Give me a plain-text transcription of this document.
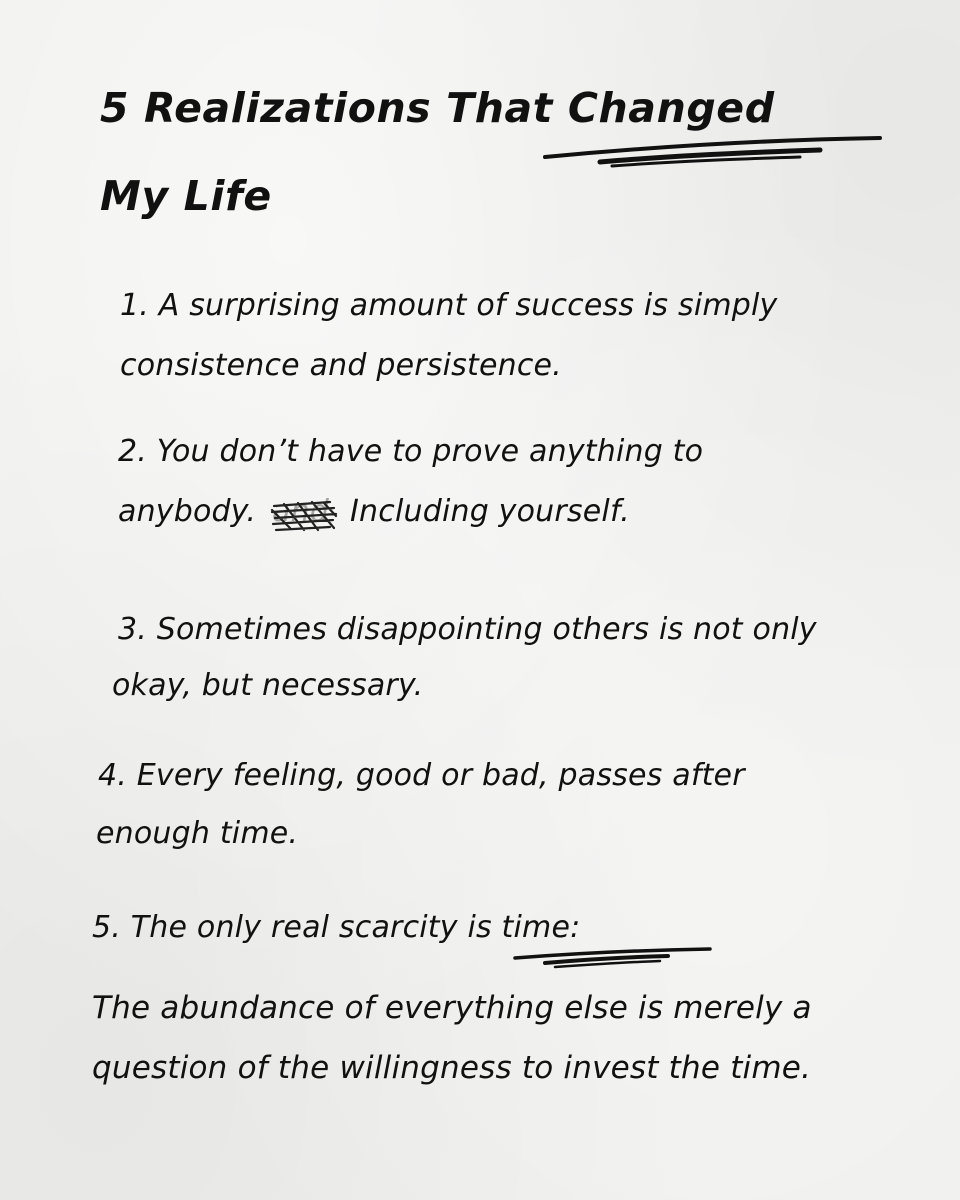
5 Realizations That Changed

My Life

1. A surprising amount of success is simply

consistence and persistence.

2. You don’t have to prove anything to

anybody. and Including yourself.

3. Sometimes disappointing others is not only

okay, but necessary.

4. Every feeling, good or bad, passes after

enough time.

5. The only real scarcity is time:

The abundance of everything else is merely a

question of the willingness to invest the time.
